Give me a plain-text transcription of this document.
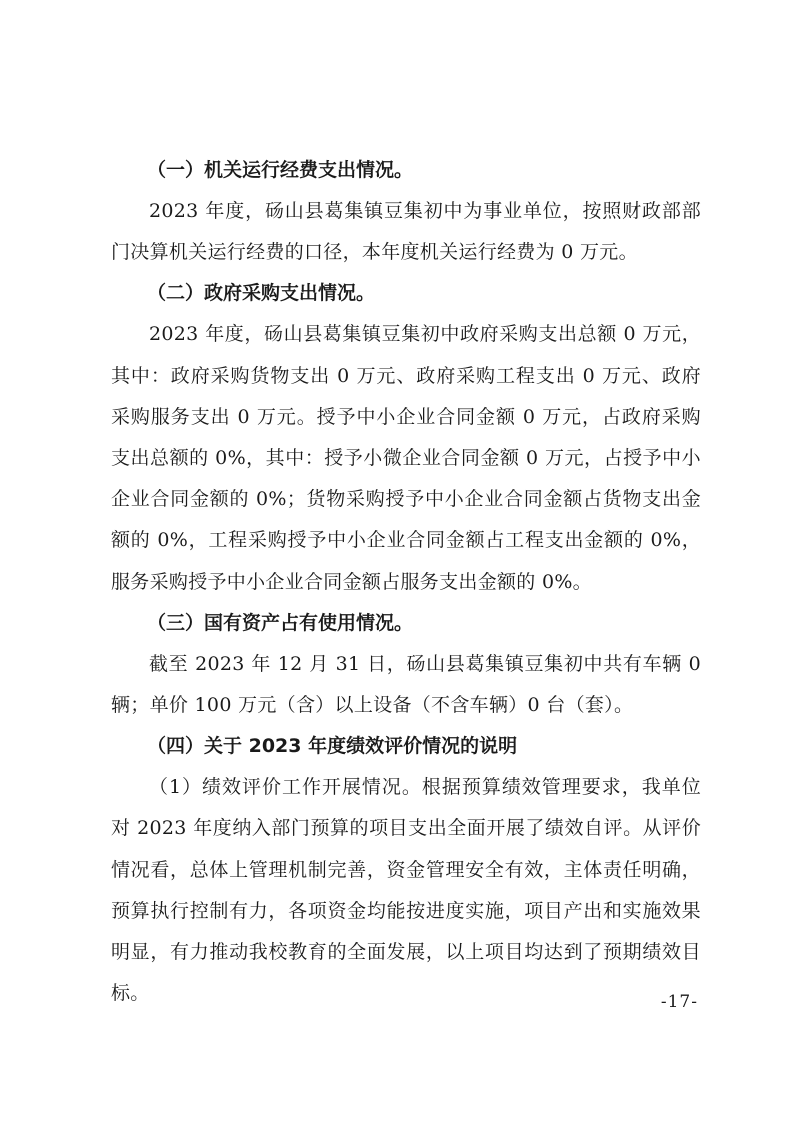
（一）机关运行经费支出情况。

2023 年度，砀山县葛集镇豆集初中为事业单位，按照财政部部门决算机关运行经费的口径，本年度机关运行经费为 0 万元。

（二）政府采购支出情况。

2023 年度，砀山县葛集镇豆集初中政府采购支出总额 0 万元，其中：政府采购货物支出 0 万元、政府采购工程支出 0 万元、政府采购服务支出 0 万元。授予中小企业合同金额 0 万元，占政府采购支出总额的 0%，其中：授予小微企业合同金额 0 万元，占授予中小企业合同金额的 0%；货物采购授予中小企业合同金额占货物支出金额的 0%，工程采购授予中小企业合同金额占工程支出金额的 0%，服务采购授予中小企业合同金额占服务支出金额的 0%。

（三）国有资产占有使用情况。

截至 2023 年 12 月 31 日，砀山县葛集镇豆集初中共有车辆 0 辆；单价 100 万元（含）以上设备（不含车辆）0 台（套）。

（四）关于 2023 年度绩效评价情况的说明

（1）绩效评价工作开展情况。根据预算绩效管理要求，我单位对 2023 年度纳入部门预算的项目支出全面开展了绩效自评。从评价情况看，总体上管理机制完善，资金管理安全有效，主体责任明确，预算执行控制有力，各项资金均能按进度实施，项目产出和实施效果明显，有力推动我校教育的全面发展，以上项目均达到了预期绩效目标。	-17-
